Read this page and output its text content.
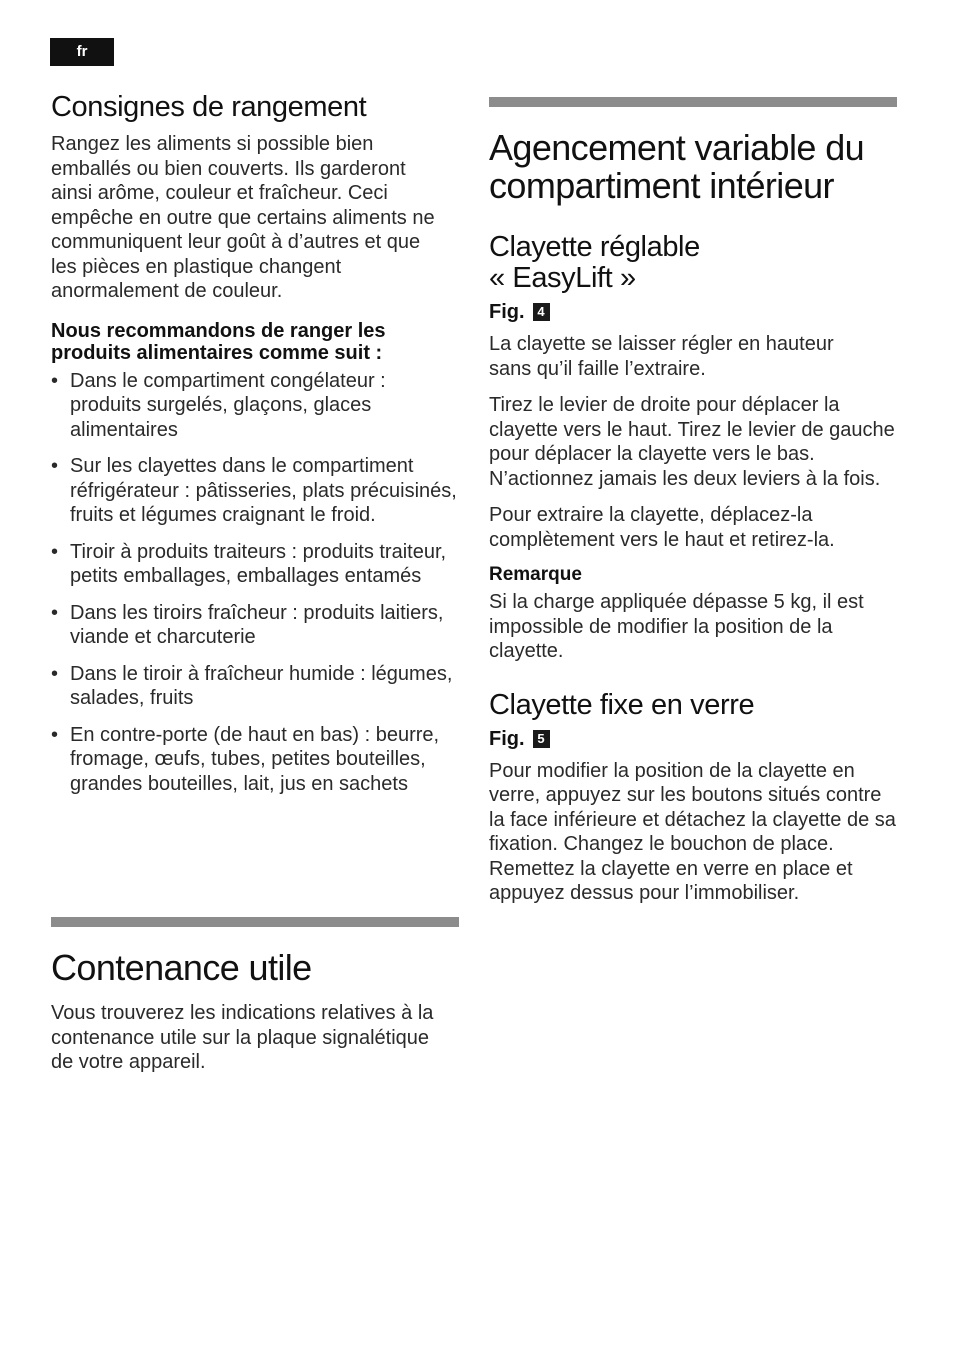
fr
Consignes de rangement

Rangez les aliments si possible bien emballés ou bien couverts. Ils garderont ainsi arôme, couleur et fraîcheur. Ceci empêche en outre que certains aliments ne communiquent leur goût à d’autres et que les pièces en plastique changent anormalement de couleur.

Nous recommandons de ranger les produits alimentaires comme suit :

• Dans le compartiment congélateur : produits surgelés, glaçons, glaces alimentaires
• Sur les clayettes dans le compartiment réfrigérateur : pâtisseries, plats précuisinés, fruits et légumes craignant le froid.
• Tiroir à produits traiteurs : produits traiteur, petits emballages, emballages entamés
• Dans les tiroirs fraîcheur : produits laitiers, viande et charcuterie
• Dans le tiroir à fraîcheur humide : légumes, salades, fruits
• En contre-porte (de haut en bas) : beurre, fromage, œufs, tubes, petites bouteilles, grandes bouteilles, lait, jus en sachets
Contenance utile

Vous trouverez les indications relatives à la contenance utile sur la plaque signalétique de votre appareil.

Agencement variable du compartiment intérieur
Clayette réglable
« EasyLift »

Fig. 4

La clayette se laisser régler en hauteur sans qu’il faille l’extraire.

Tirez le levier de droite pour déplacer la clayette vers le haut. Tirez le levier de gauche pour déplacer la clayette vers le bas. N’actionnez jamais les deux leviers à la fois.

Pour extraire la clayette, déplacez-la complètement vers le haut et retirez-la.

Remarque

Si la charge appliquée dépasse 5 kg, il est impossible de modifier la position de la clayette.

Clayette fixe en verre

Fig. 5

Pour modifier la position de la clayette en verre, appuyez sur les boutons situés contre la face inférieure et détachez la clayette de sa fixation. Changez le bouchon de place. Remettez la clayette en verre en place et appuyez dessus pour l’immobiliser.
